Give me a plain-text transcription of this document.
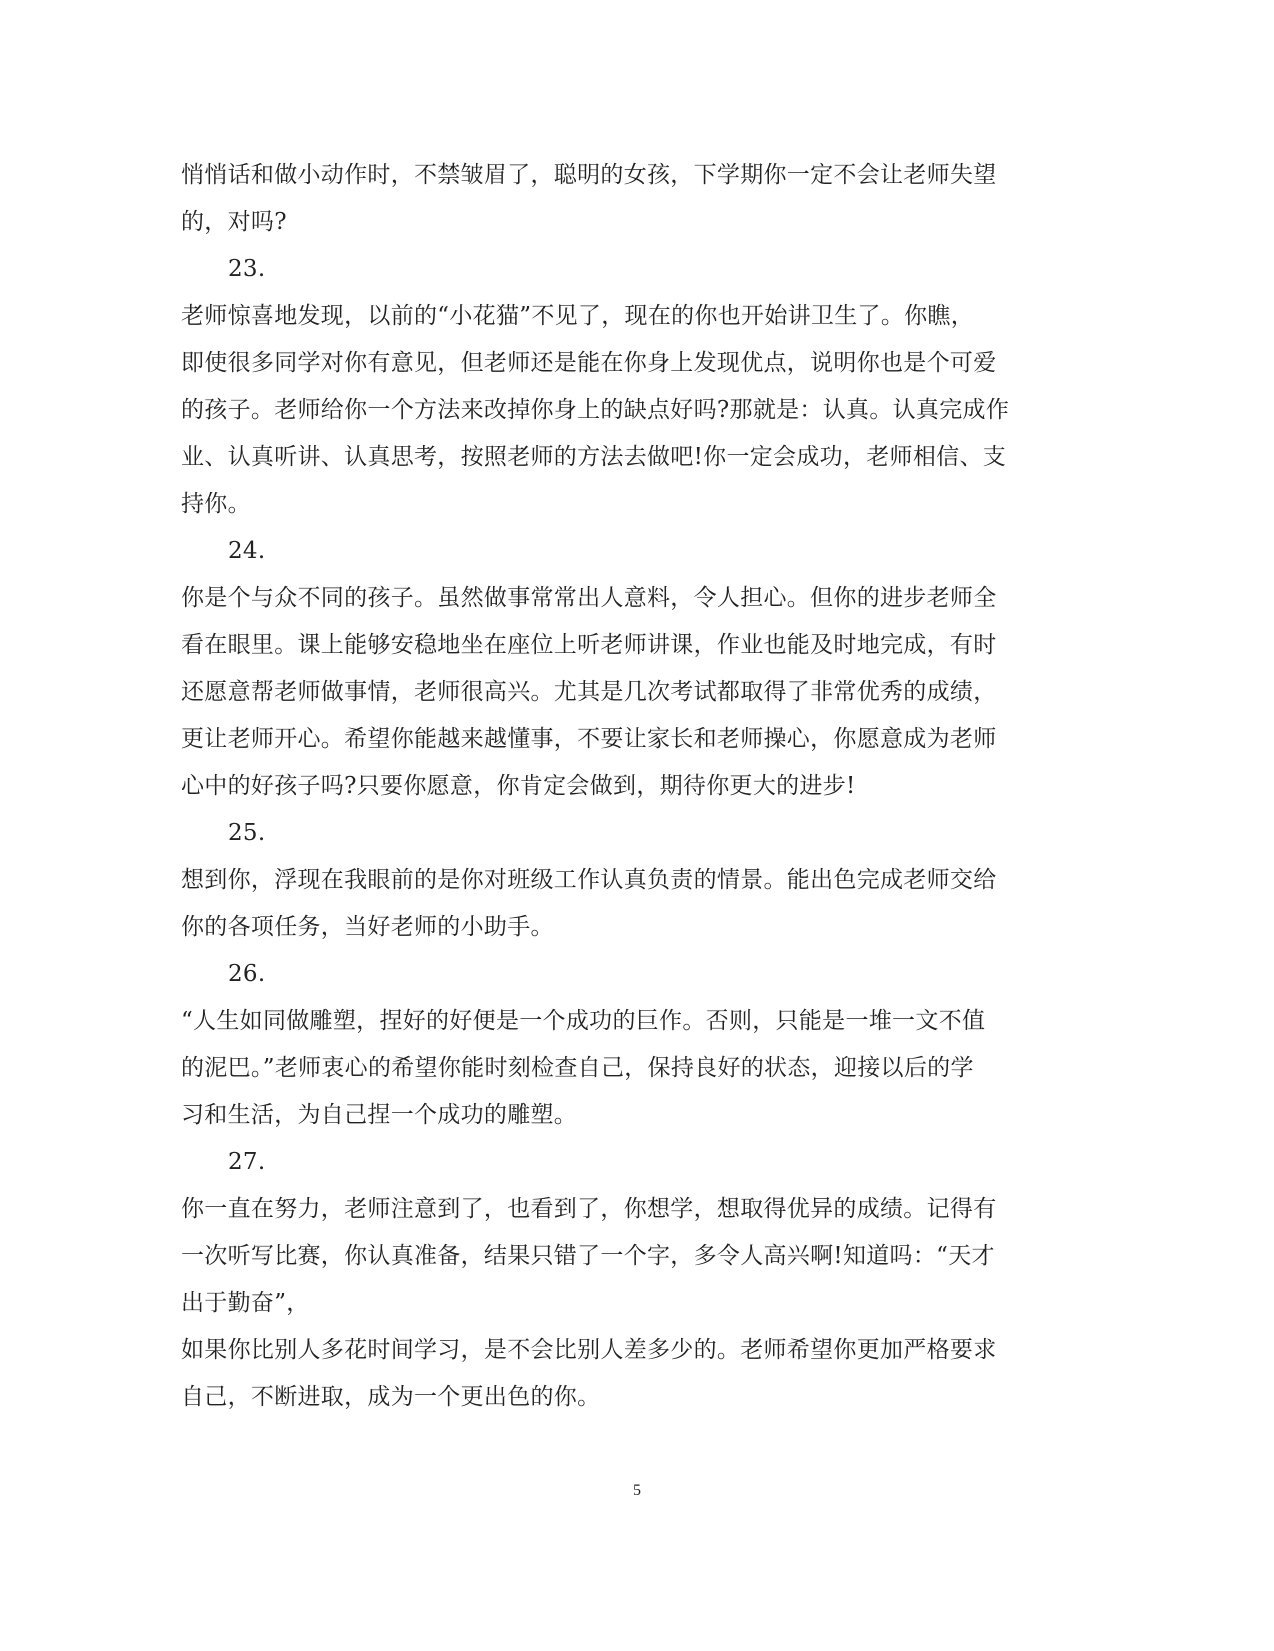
悄悄话和做小动作时，不禁皱眉了，聪明的女孩，下学期你一定不会让老师失望
的，对吗?
23.
老师惊喜地发现，以前的“小花猫”不见了，现在的你也开始讲卫生了。你瞧，
即使很多同学对你有意见，但老师还是能在你身上发现优点，说明你也是个可爱
的孩子。老师给你一个方法来改掉你身上的缺点好吗?那就是：认真。认真完成作
业、认真听讲、认真思考，按照老师的方法去做吧!你一定会成功，老师相信、支
持你。
24.
你是个与众不同的孩子。虽然做事常常出人意料，令人担心。但你的进步老师全
看在眼里。课上能够安稳地坐在座位上听老师讲课，作业也能及时地完成，有时
还愿意帮老师做事情，老师很高兴。尤其是几次考试都取得了非常优秀的成绩，
更让老师开心。希望你能越来越懂事，不要让家长和老师操心，你愿意成为老师
心中的好孩子吗?只要你愿意，你肯定会做到，期待你更大的进步!
25.
想到你，浮现在我眼前的是你对班级工作认真负责的情景。能出色完成老师交给
你的各项任务，当好老师的小助手。
26.
“人生如同做雕塑，捏好的好便是一个成功的巨作。否则，只能是一堆一文不值
的泥巴。”老师衷心的希望你能时刻检查自己，保持良好的状态，迎接以后的学
习和生活，为自己捏一个成功的雕塑。
27.
你一直在努力，老师注意到了，也看到了，你想学，想取得优异的成绩。记得有
一次听写比赛，你认真准备，结果只错了一个字，多令人高兴啊!知道吗：“天才
出于勤奋”，
如果你比别人多花时间学习，是不会比别人差多少的。老师希望你更加严格要求
自己，不断进取，成为一个更出色的你。
5
